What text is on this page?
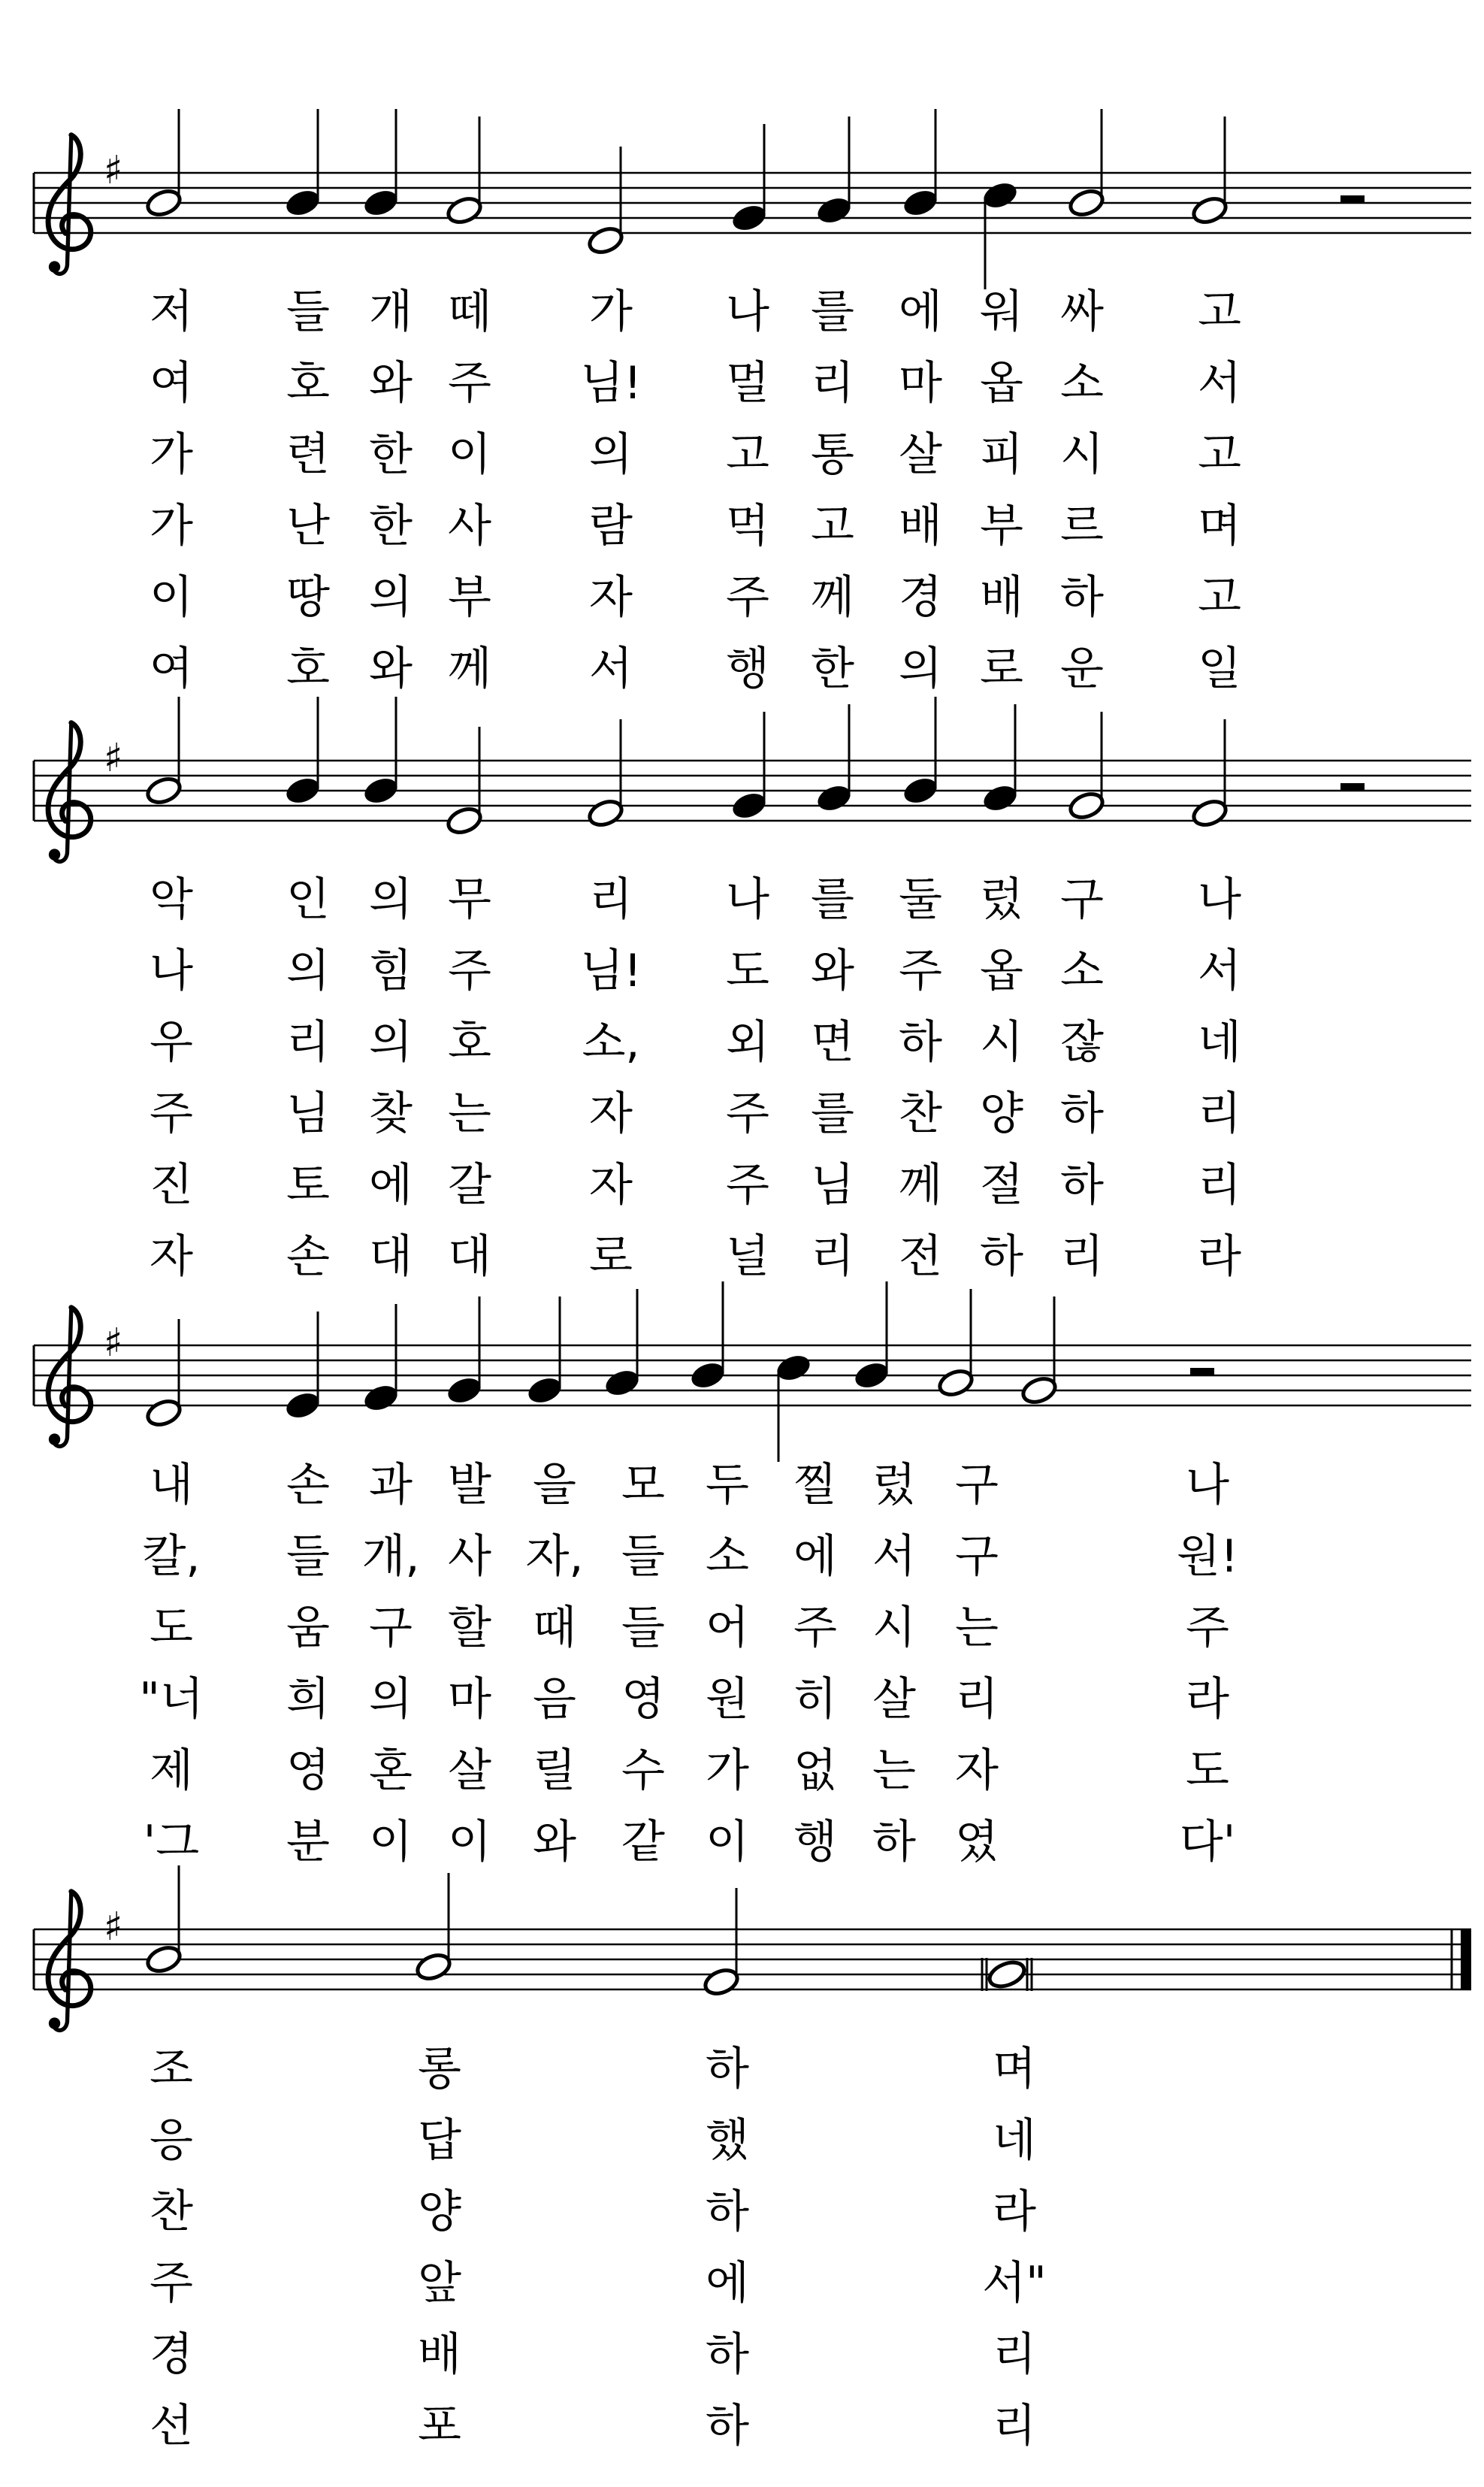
♯
저 들 개 떼 가 나 를 에 워 싸 고
여 호 와 주 님! 멀 리 마 옵 소 서
가 련 한 이 의 고 통 살 피 시 고
가 난 한 사 람 먹 고 배 부 르 며
이 땅 의 부 자 주 께 경 배 하 고
여 호 와 께 서 행 한 의 로 운 일
♯
악 인 의 무 리 나 를 둘 렀 구 나
나 의 힘 주 님! 도 와 주 옵 소 서
우 리 의 호 소, 외 면 하 시 잖 네
주 님 찾 는 자 주 를 찬 양 하 리
진 토 에 갈 자 주 님 께 절 하 리
자 손 대 대 로 널 리 전 하 리 라
♯
내 손 과 발 을 모 두 찔 렀 구	나
칼, 들 개, 사 자, 들 소 에 서 구	원!
도 움 구 할 때 들 어 주 시 는	주
"너 희 의 마 음 영 원 히 살 리	라
제 영 혼 살 릴 수 가 없 는 자	도
'그 분 이 이 와 같 이 행 하 였	다'
♯
조	롱	하	며
응	답	했	네
찬	양	하	라
주	앞	에	서"
경	배	하	리
선	포	하	리
